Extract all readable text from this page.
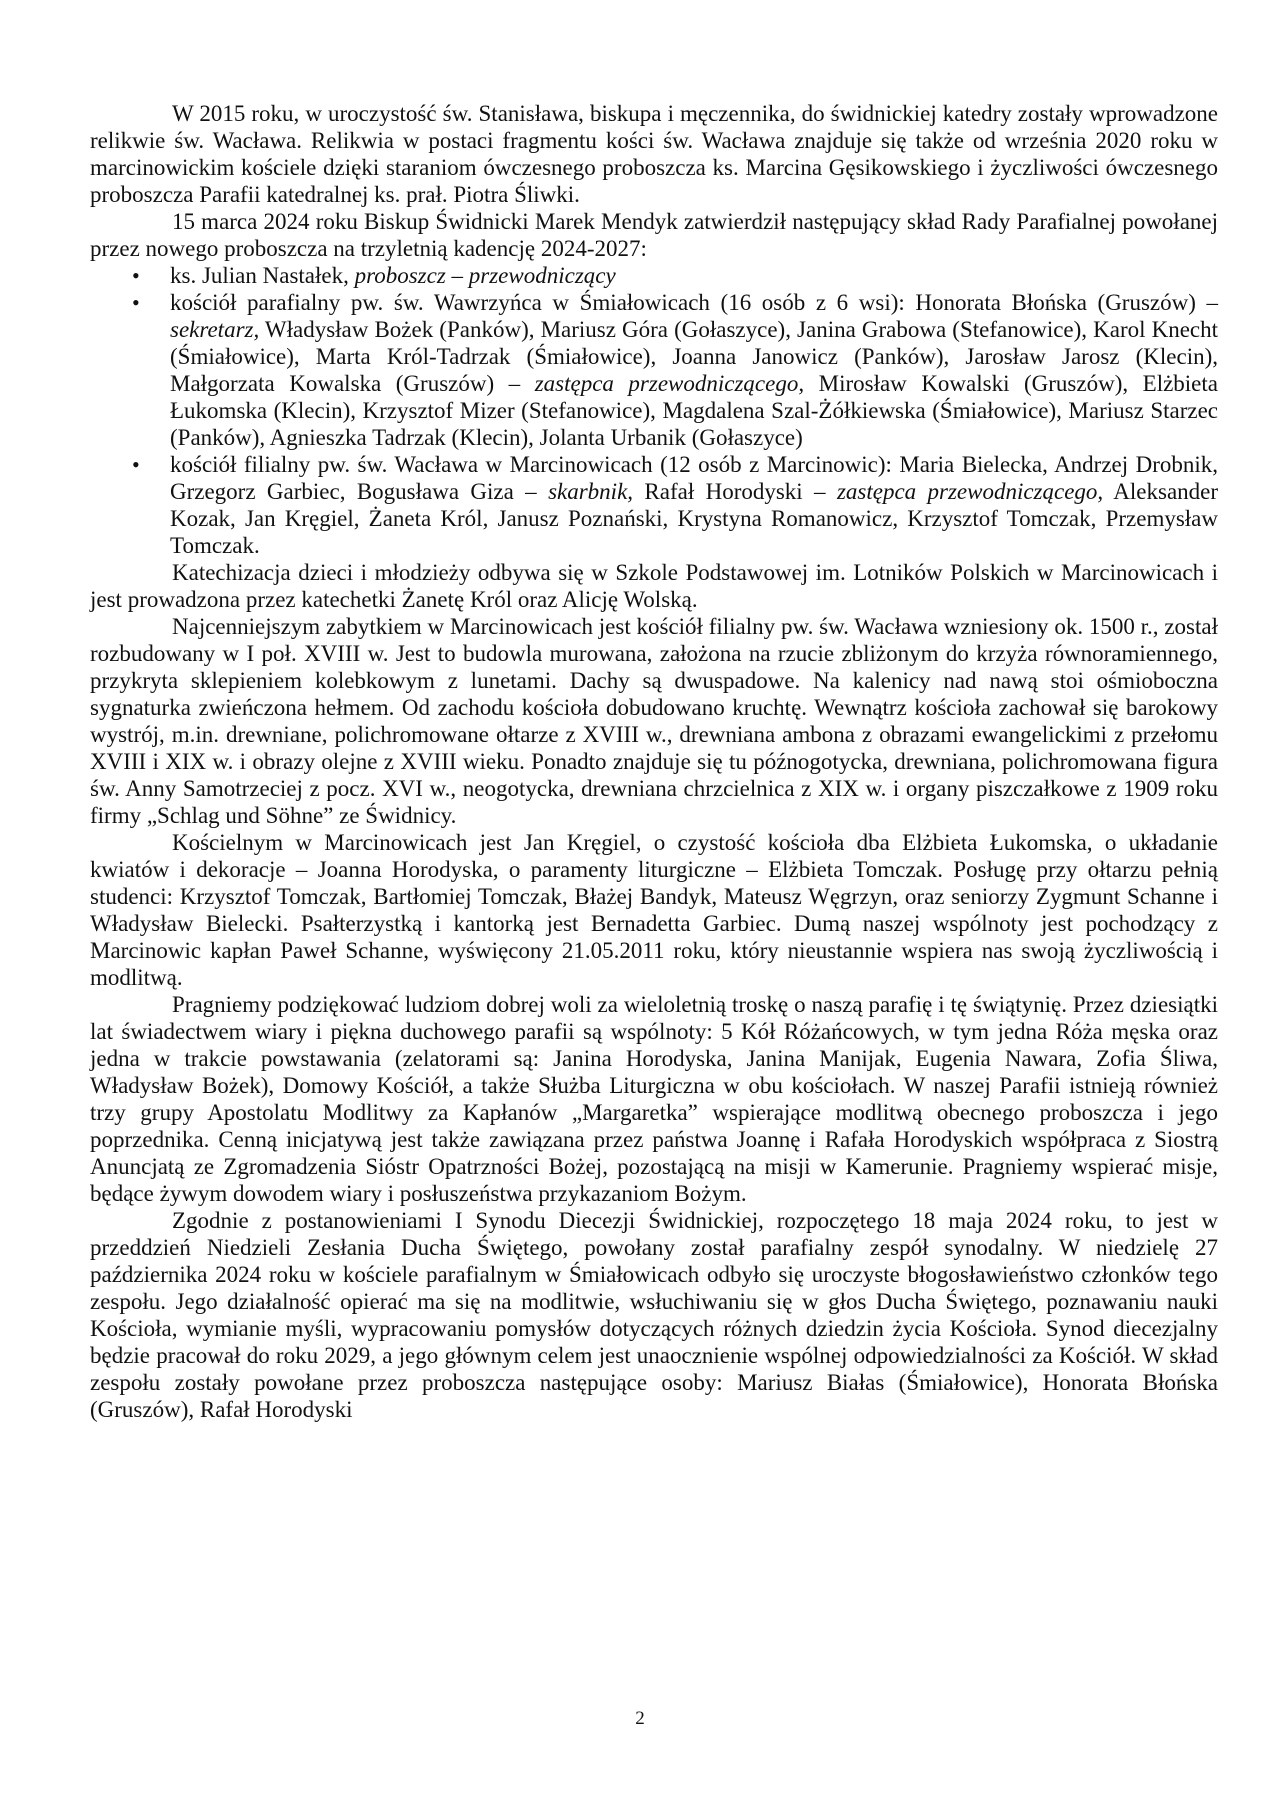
W 2015 roku, w uroczystość św. Stanisława, biskupa i męczennika, do świdnickiej katedry zostały wprowadzone relikwie św. Wacława. Relikwia w postaci fragmentu kości św. Wacława znajduje się także od września 2020 roku w marcinowickim kościele dzięki staraniom ówczesnego proboszcza ks. Marcina Gęsikowskiego i życzliwości ówczesnego proboszcza Parafii katedralnej ks. prał. Piotra Śliwki.

15 marca 2024 roku Biskup Świdnicki Marek Mendyk zatwierdził następujący skład Rady Parafialnej powołanej przez nowego proboszcza na trzyletnią kadencję 2024-2027:

• ks. Julian Nastałek, proboszcz – przewodniczący
• kościół parafialny pw. św. Wawrzyńca w Śmiałowicach (16 osób z 6 wsi): Honorata Błońska (Gruszów) – sekretarz, Władysław Bożek (Panków), Mariusz Góra (Gołaszyce), Janina Grabowa (Stefanowice), Karol Knecht (Śmiałowice), Marta Król-Tadrzak (Śmiałowice), Joanna Janowicz (Panków), Jarosław Jarosz (Klecin), Małgorzata Kowalska (Gruszów) – zastępca przewodniczącego, Mirosław Kowalski (Gruszów), Elżbieta Łukomska (Klecin), Krzysztof Mizer (Stefanowice), Magdalena Szal-Żółkiewska (Śmiałowice), Mariusz Starzec (Panków), Agnieszka Tadrzak (Klecin), Jolanta Urbanik (Gołaszyce)
• kościół filialny pw. św. Wacława w Marcinowicach (12 osób z Marcinowic): Maria Bielecka, Andrzej Drobnik, Grzegorz Garbiec, Bogusława Giza – skarbnik, Rafał Horodyski – zastępca przewodniczącego, Aleksander Kozak, Jan Kręgiel, Żaneta Król, Janusz Poznański, Krystyna Romanowicz, Krzysztof Tomczak, Przemysław Tomczak.

Katechizacja dzieci i młodzieży odbywa się w Szkole Podstawowej im. Lotników Polskich w Marcinowicach i jest prowadzona przez katechetki Żanetę Król oraz Alicję Wolską.

Najcenniejszym zabytkiem w Marcinowicach jest kościół filialny pw. św. Wacława wzniesiony ok. 1500 r., został rozbudowany w I poł. XVIII w. Jest to budowla murowana, założona na rzucie zbliżonym do krzyża równoramiennego, przykryta sklepieniem kolebkowym z lunetami. Dachy są dwuspadowe. Na kalenicy nad nawą stoi ośmioboczna sygnaturka zwieńczona hełmem. Od zachodu kościoła dobudowano kruchtę. Wewnątrz kościoła zachował się barokowy wystrój, m.in. drewniane, polichromowane ołtarze z XVIII w., drewniana ambona z obrazami ewangelickimi z przełomu XVIII i XIX w. i obrazy olejne z XVIII wieku. Ponadto znajduje się tu późnogotycka, drewniana, polichromowana figura św. Anny Samotrzeciej z pocz. XVI w., neogotycka, drewniana chrzcielnica z XIX w. i organy piszczałkowe z 1909 roku firmy „Schlag und Söhne” ze Świdnicy.

Kościelnym w Marcinowicach jest Jan Kręgiel, o czystość kościoła dba Elżbieta Łukomska, o układanie kwiatów i dekoracje – Joanna Horodyska, o paramenty liturgiczne – Elżbieta Tomczak. Posługę przy ołtarzu pełnią studenci: Krzysztof Tomczak, Bartłomiej Tomczak, Błażej Bandyk, Mateusz Węgrzyn, oraz seniorzy Zygmunt Schanne i Władysław Bielecki. Psałterzystką i kantorką jest Bernadetta Garbiec. Dumą naszej wspólnoty jest pochodzący z Marcinowic kapłan Paweł Schanne, wyświęcony 21.05.2011 roku, który nieustannie wspiera nas swoją życzliwością i modlitwą.

Pragniemy podziękować ludziom dobrej woli za wieloletnią troskę o naszą parafię i tę świątynię. Przez dziesiątki lat świadectwem wiary i piękna duchowego parafii są wspólnoty: 5 Kół Różańcowych, w tym jedna Róża męska oraz jedna w trakcie powstawania (zelatorami są: Janina Horodyska, Janina Manijak, Eugenia Nawara, Zofia Śliwa, Władysław Bożek), Domowy Kościół, a także Służba Liturgiczna w obu kościołach. W naszej Parafii istnieją również trzy grupy Apostolatu Modlitwy za Kapłanów „Margaretka” wspierające modlitwą obecnego proboszcza i jego poprzednika. Cenną inicjatywą jest także zawiązana przez państwa Joannę i Rafała Horodyskich współpraca z Siostrą Anuncjatą ze Zgromadzenia Sióstr Opatrzności Bożej, pozostającą na misji w Kamerunie. Pragniemy wspierać misje, będące żywym dowodem wiary i posłuszeństwa przykazaniom Bożym.

Zgodnie z postanowieniami I Synodu Diecezji Świdnickiej, rozpoczętego 18 maja 2024 roku, to jest w przeddzień Niedzieli Zesłania Ducha Świętego, powołany został parafialny zespół synodalny. W niedzielę 27 października 2024 roku w kościele parafialnym w Śmiałowicach odbyło się uroczyste błogosławieństwo członków tego zespołu. Jego działalność opierać ma się na modlitwie, wsłuchiwaniu się w głos Ducha Świętego, poznawaniu nauki Kościoła, wymianie myśli, wypracowaniu pomysłów dotyczących różnych dziedzin życia Kościoła. Synod diecezjalny będzie pracował do roku 2029, a jego głównym celem jest unaocznienie wspólnej odpowiedzialności za Kościół. W skład zespołu zostały powołane przez proboszcza następujące osoby: Mariusz Białas (Śmiałowice), Honorata Błońska (Gruszów), Rafał Horodyski

2
